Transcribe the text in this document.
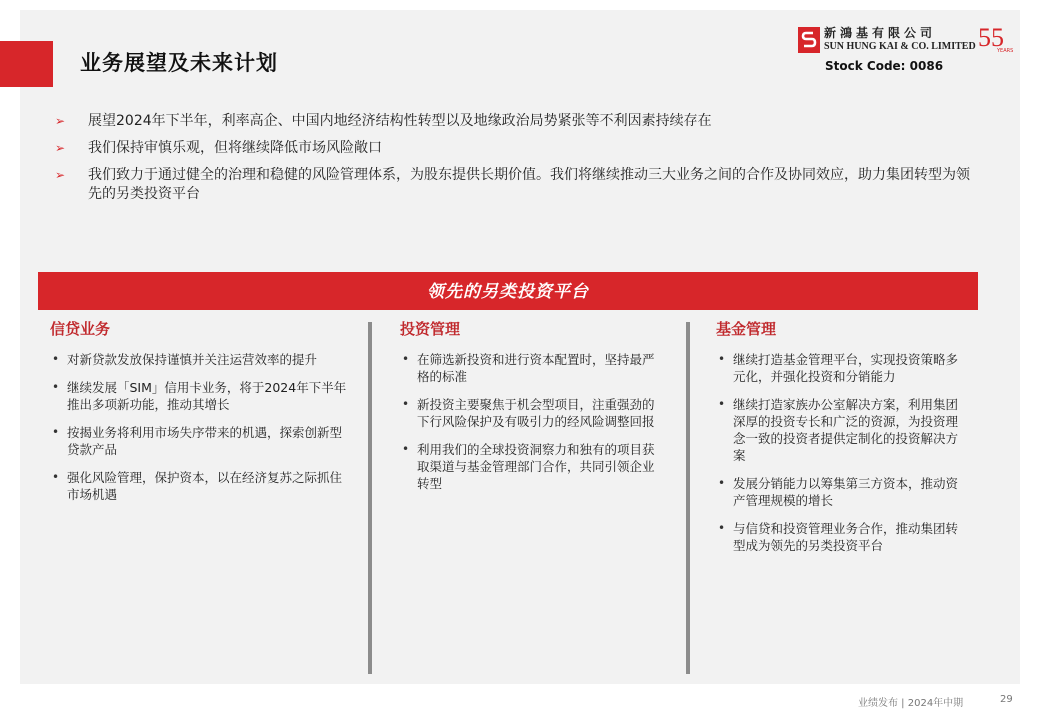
业务展望及未来计划
新鴻基有限公司
SUN HUNG KAI & CO. LIMITED 55
YEARS
Stock Code: 0086
➢ 展望2024年下半年，利率高企、中国内地经济结构性转型以及地缘政治局势紧张等不利因素持续存在
➢ 我们保持审慎乐观，但将继续降低市场风险敞口
➢ 我们致力于通过健全的治理和稳健的风险管理体系，为股东提供长期价值。我们将继续推动三大业务之间的合作及协同效应，助力集团转型为领先的另类投资平台
领先的另类投资平台
信贷业务
• 对新贷款发放保持谨慎并关注运营效率的提升
• 继续发展「SIM」信用卡业务，将于2024年下半年推出多项新功能，推动其增长
• 按揭业务将利用市场失序带来的机遇，探索创新型贷款产品
• 强化风险管理，保护资本，以在经济复苏之际抓住市场机遇
投资管理
• 在筛选新投资和进行资本配置时，坚持最严格的标准
• 新投资主要聚焦于机会型项目，注重强劲的下行风险保护及有吸引力的经风险调整回报
• 利用我们的全球投资洞察力和独有的项目获取渠道与基金管理部门合作，共同引领企业转型
基金管理
• 继续打造基金管理平台，实现投资策略多元化，并强化投资和分销能力
• 继续打造家族办公室解决方案，利用集团深厚的投资专长和广泛的资源，为投资理念一致的投资者提供定制化的投资解决方案
• 发展分销能力以筹集第三方资本，推动资产管理规模的增长
• 与信贷和投资管理业务合作，推动集团转型成为领先的另类投资平台
业绩发布 | 2024年中期	29
